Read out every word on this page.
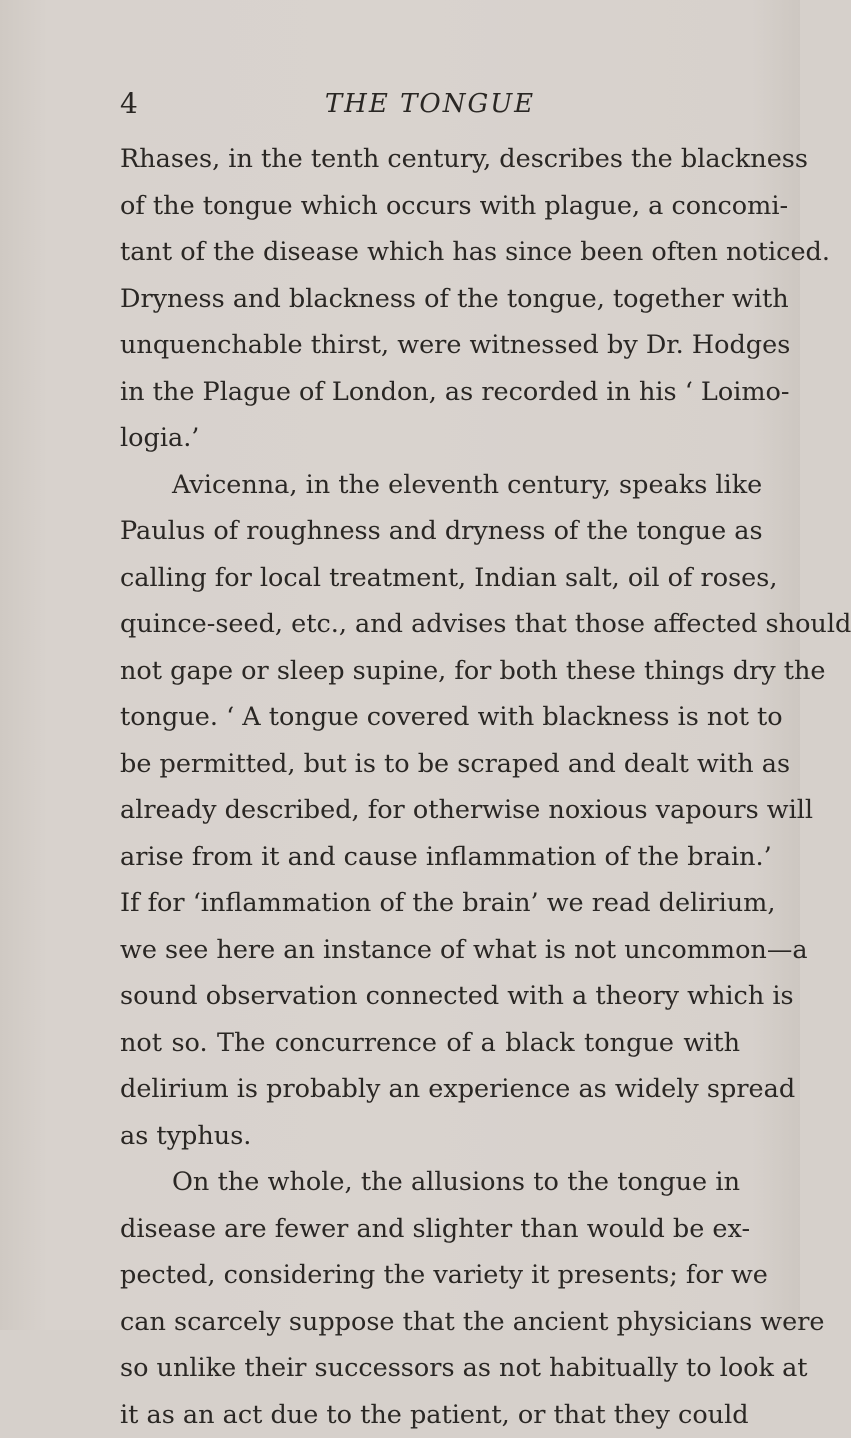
4	THE TONGUE
Rhases, in the tenth century, describes the blackness
of the tongue which occurs with plague, a concomi-
tant of the disease which has since been often noticed.
Dryness and blackness of the tongue, together with
unquenchable thirst, were witnessed by Dr. Hodges
in the Plague of London, as recorded in his ‘ Loimo-
logia.’
Avicenna, in the eleventh century, speaks like
Paulus of roughness and dryness of the tongue as
calling for local treatment, Indian salt, oil of roses,
quince-seed, etc., and advises that those affected should
not gape or sleep supine, for both these things dry the
tongue. ‘ A tongue covered with blackness is not to
be permitted, but is to be scraped and dealt with as
already described, for otherwise noxious vapours will
arise from it and cause inflammation of the brain.’
If for ‘inflammation of the brain’ we read delirium,
we see here an instance of what is not uncommon—a
sound observation connected with a theory which is
not so. The concurrence of a black tongue with
delirium is probably an experience as widely spread
as typhus.
On the whole, the allusions to the tongue in
disease are fewer and slighter than would be ex-
pected, considering the variety it presents; for we
can scarcely suppose that the ancient physicians were
so unlike their successors as not habitually to look at
it as an act due to the patient, or that they could
